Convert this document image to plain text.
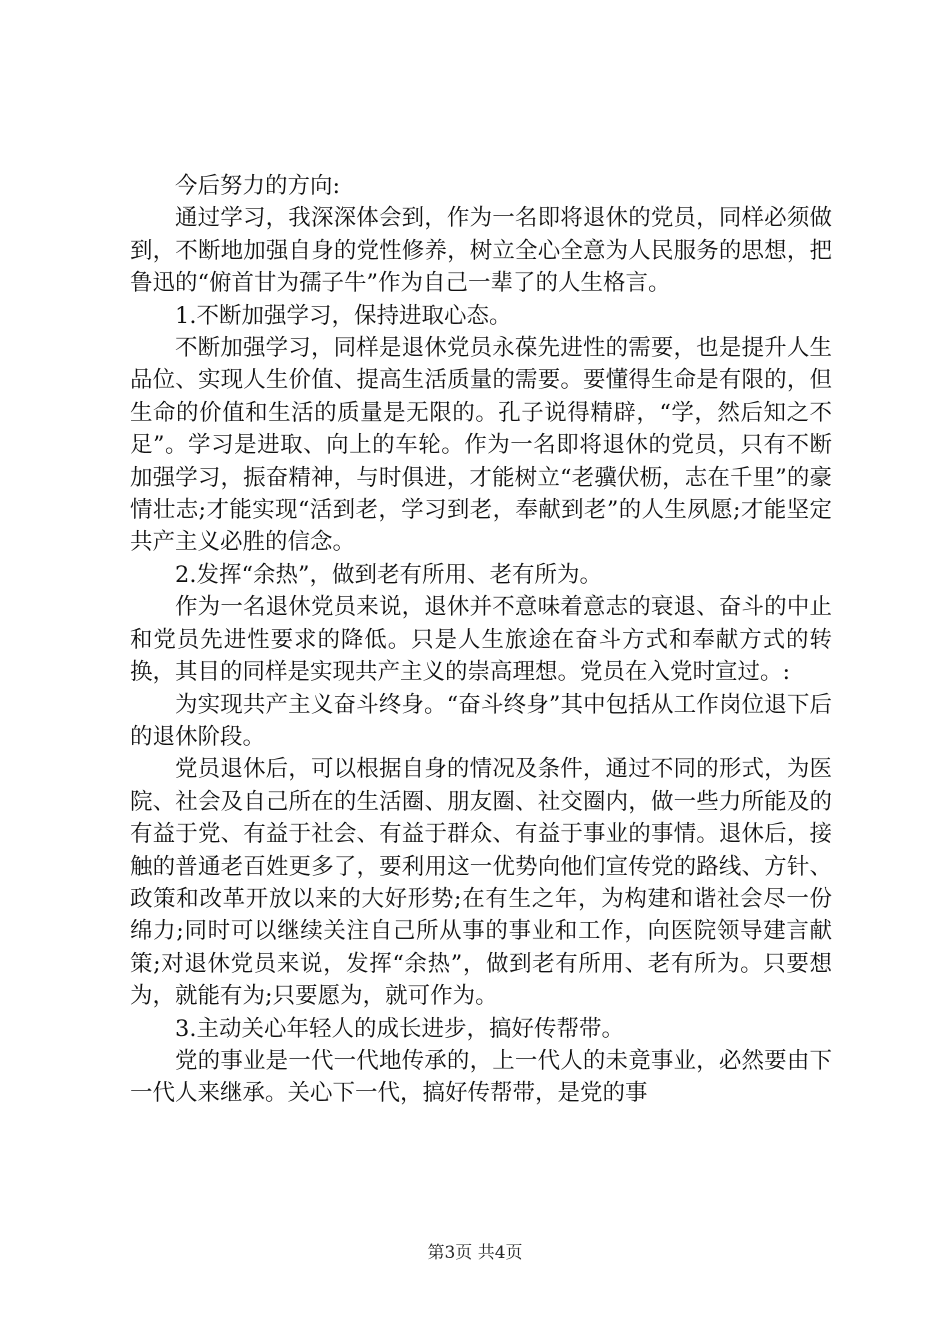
今后努力的方向:

通过学习，我深深体会到，作为一名即将退休的党员，同样必须做到，不断地加强自身的党性修养，树立全心全意为人民服务的思想，把鲁迅的“俯首甘为孺子牛”作为自己一辈了的人生格言。

1.不断加强学习，保持进取心态。

不断加强学习，同样是退休党员永葆先进性的需要，也是提升人生品位、实现人生价值、提高生活质量的需要。要懂得生命是有限的，但生命的价值和生活的质量是无限的。孔子说得精辟，“学，然后知之不足”。学习是进取、向上的车轮。作为一名即将退休的党员，只有不断加强学习，振奋精神，与时俱进，才能树立“老骥伏枥，志在千里”的豪情壮志;才能实现“活到老，学习到老，奉献到老”的人生夙愿;才能坚定共产主义必胜的信念。

2.发挥“余热”，做到老有所用、老有所为。

作为一名退休党员来说，退休并不意味着意志的衰退、奋斗的中止和党员先进性要求的降低。只是人生旅途在奋斗方式和奉献方式的转换，其目的同样是实现共产主义的崇高理想。党员在入党时宣过。:

为实现共产主义奋斗终身。“奋斗终身”其中包括从工作岗位退下后的退休阶段。

党员退休后，可以根据自身的情况及条件，通过不同的形式，为医院、社会及自己所在的生活圈、朋友圈、社交圈内，做一些力所能及的有益于党、有益于社会、有益于群众、有益于事业的事情。退休后，接触的普通老百姓更多了，要利用这一优势向他们宣传党的路线、方针、政策和改革开放以来的大好形势;在有生之年，为构建和谐社会尽一份绵力;同时可以继续关注自己所从事的事业和工作，向医院领导建言献策;对退休党员来说，发挥“余热”，做到老有所用、老有所为。只要想为，就能有为;只要愿为，就可作为。

3.主动关心年轻人的成长进步，搞好传帮带。

党的事业是一代一代地传承的，上一代人的未竟事业，必然要由下一代人来继承。关心下一代，搞好传帮带，是党的事

第3页 共4页
